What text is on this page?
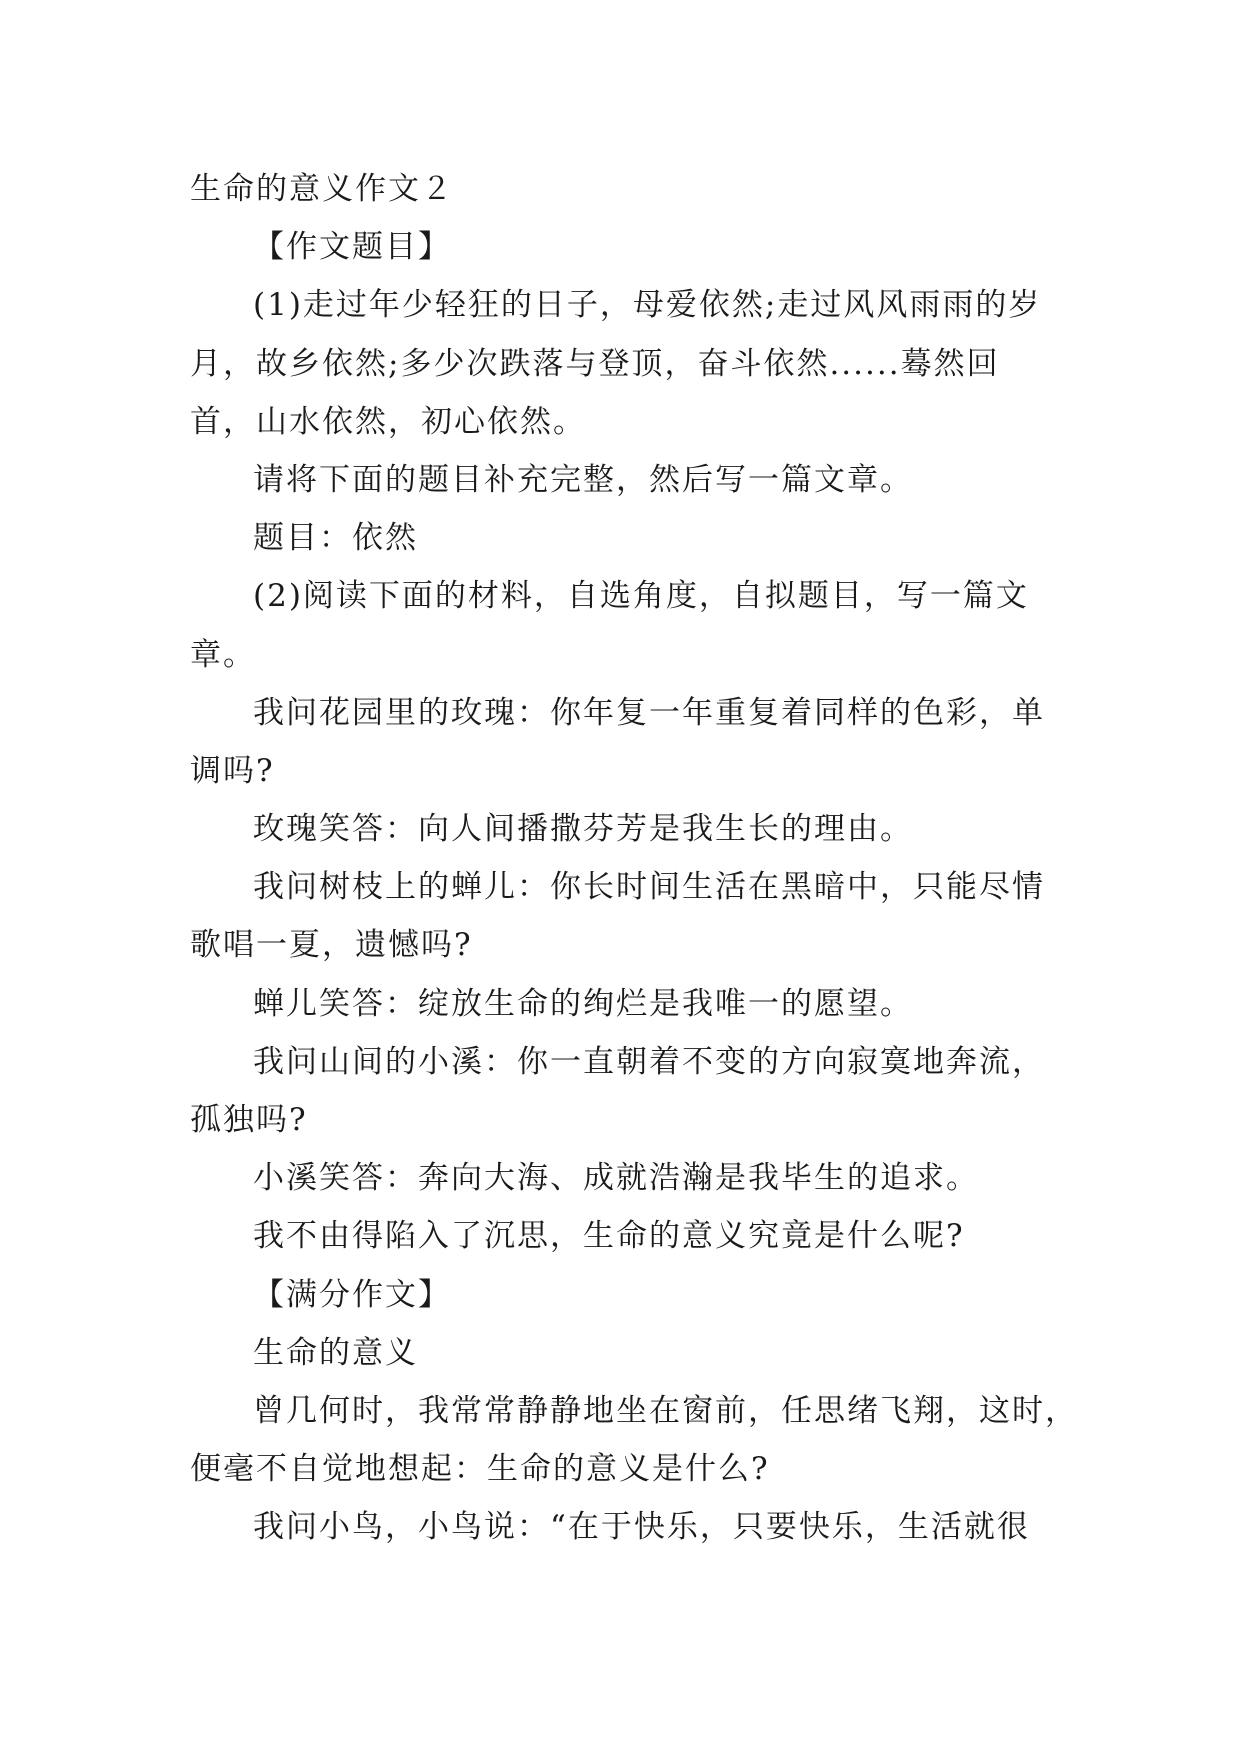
生命的意义作文２
【作文题目】
(1)走过年少轻狂的日子，母爱依然;走过风风雨雨的岁
月，故乡依然;多少次跌落与登顶，奋斗依然......蓦然回
首，山水依然，初心依然。
请将下面的题目补充完整，然后写一篇文章。
题目：依然
(2)阅读下面的材料，自选角度，自拟题目，写一篇文
章。
我问花园里的玫瑰：你年复一年重复着同样的色彩，单
调吗?
玫瑰笑答：向人间播撒芬芳是我生长的理由。
我问树枝上的蝉儿：你长时间生活在黑暗中，只能尽情
歌唱一夏，遗憾吗?
蝉儿笑答：绽放生命的绚烂是我唯一的愿望。
我问山间的小溪：你一直朝着不变的方向寂寞地奔流，
孤独吗?
小溪笑答：奔向大海、成就浩瀚是我毕生的追求。
我不由得陷入了沉思，生命的意义究竟是什么呢?
【满分作文】
生命的意义
曾几何时，我常常静静地坐在窗前，任思绪飞翔，这时，
便毫不自觉地想起：生命的意义是什么?
我问小鸟，小鸟说：“在于快乐，只要快乐，生活就很
